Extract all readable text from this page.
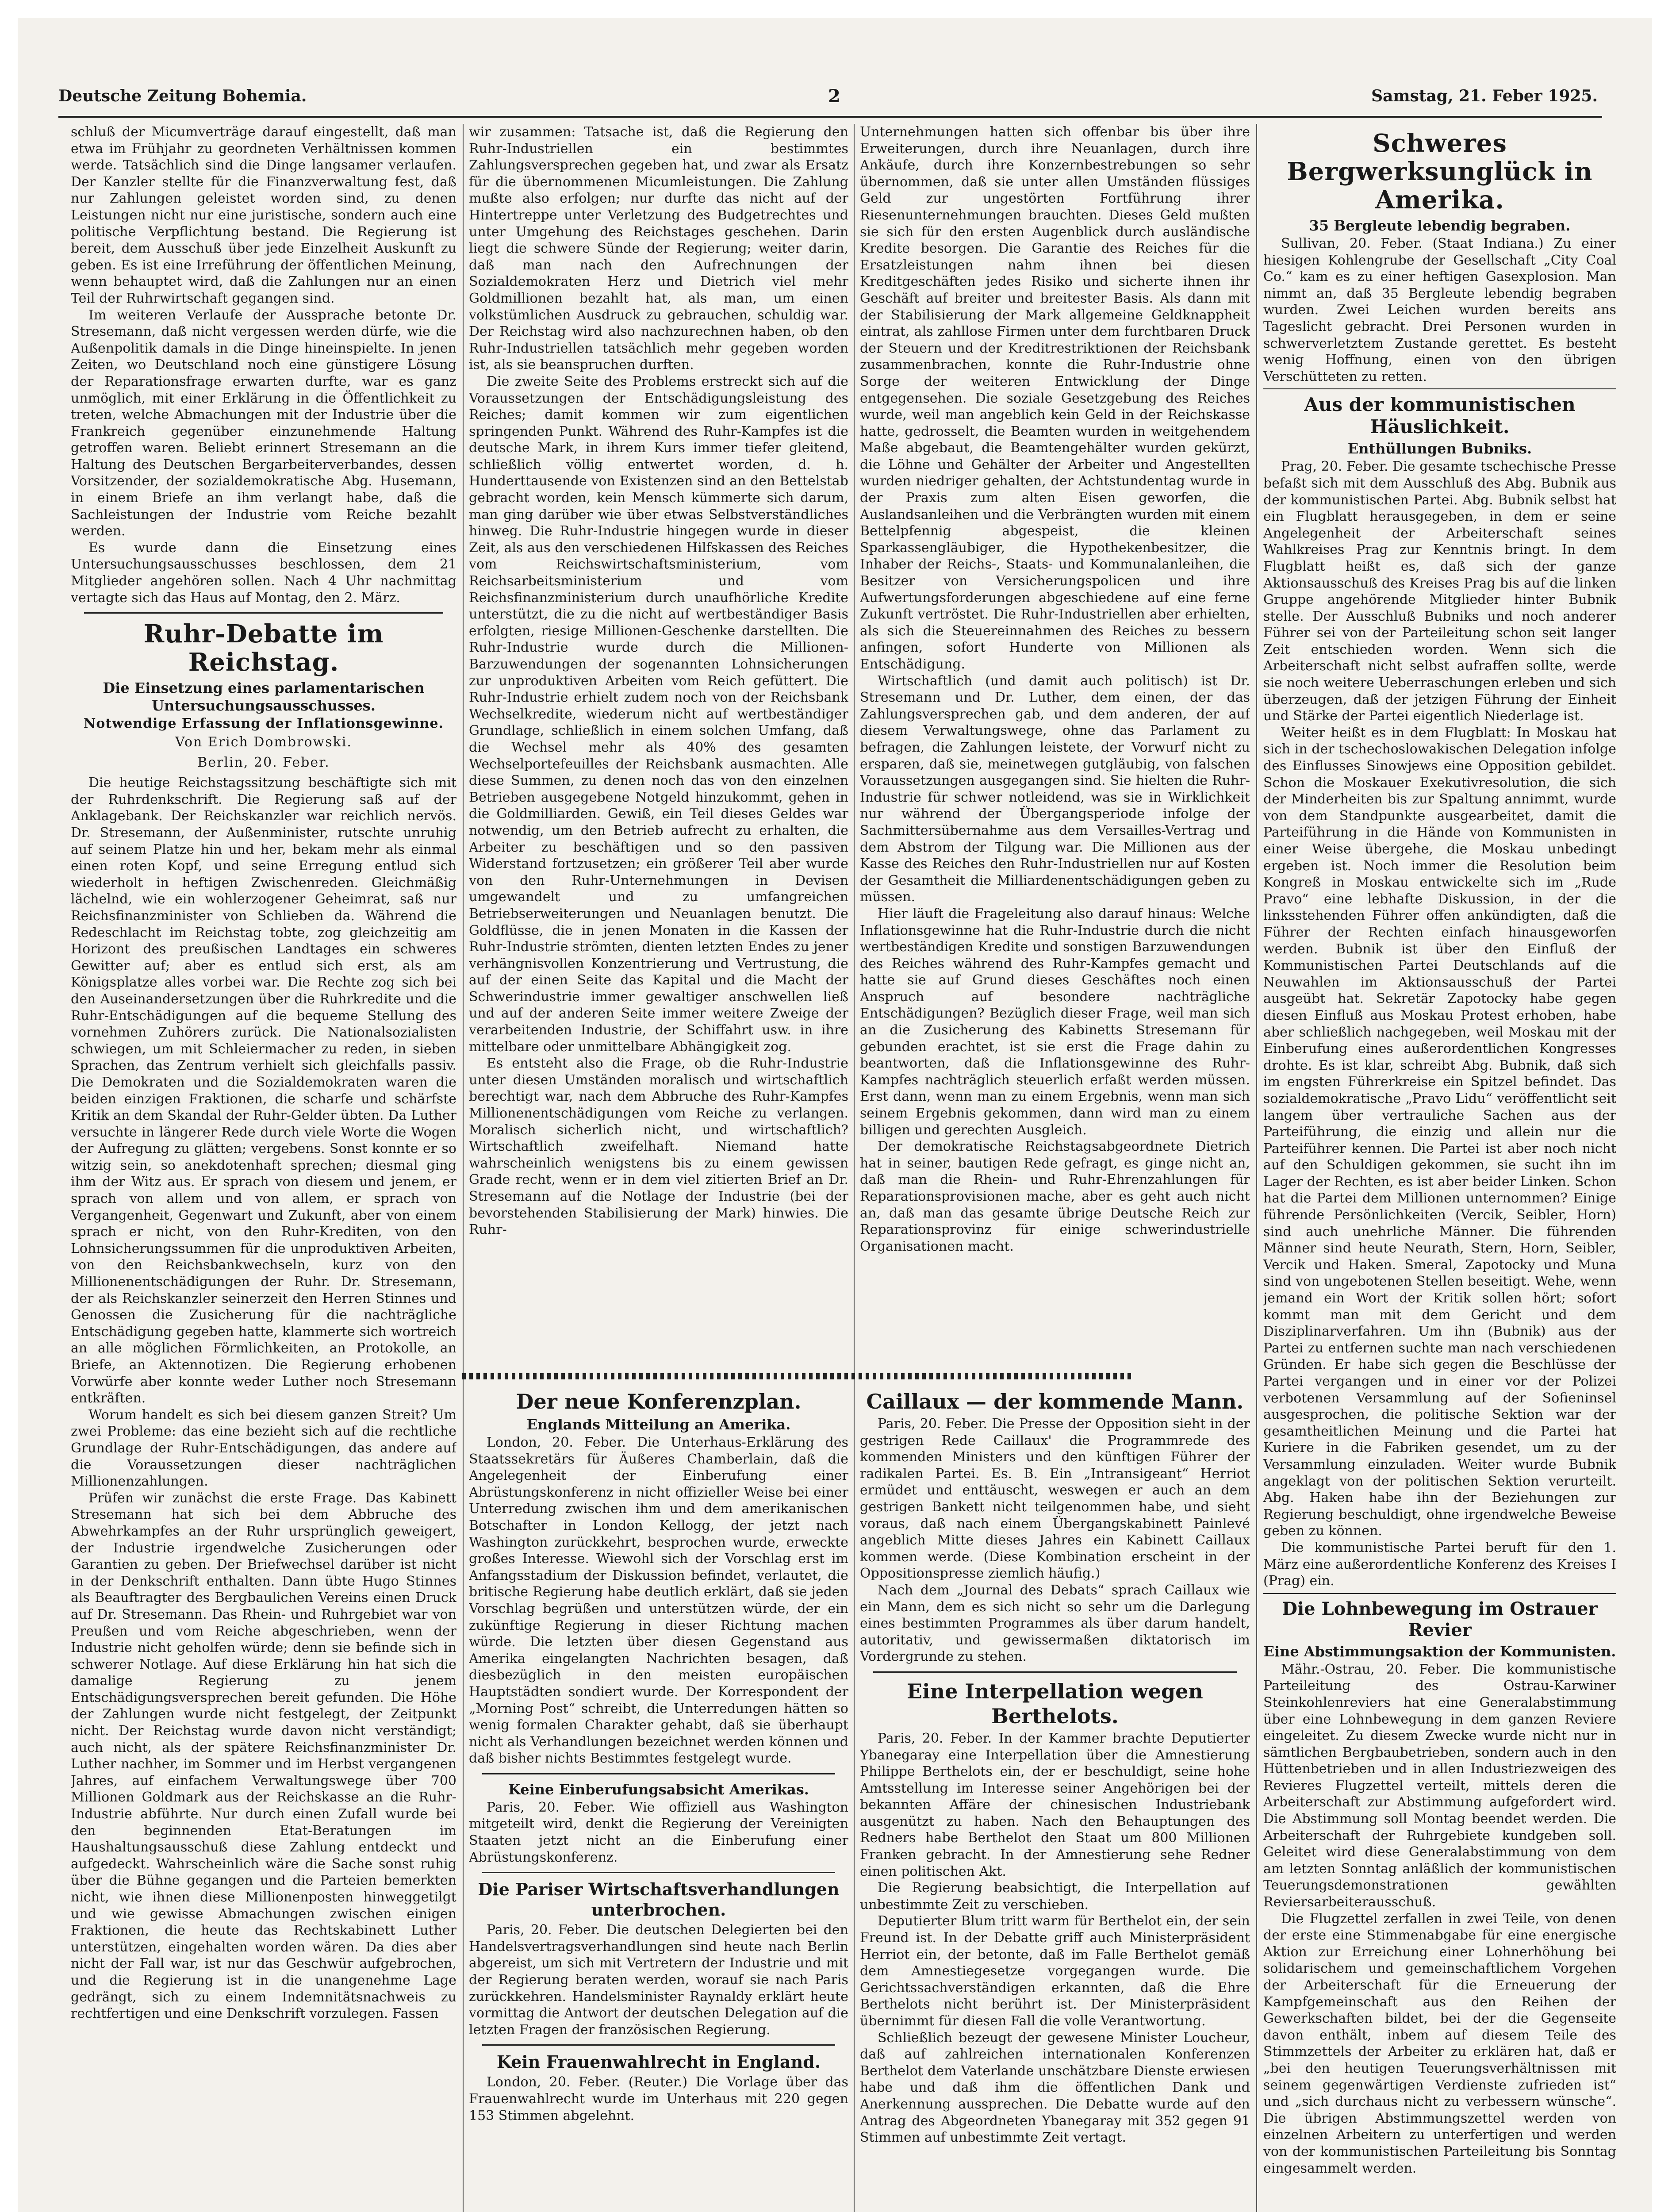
Deutsche Zeitung Bohemia.	2	Samstag, 21. Feber 1925.

schluß der Micumverträge darauf eingestellt, daß man etwa im Frühjahr zu geordneten Verhältnissen kommen werde. Tatsächlich sind die Dinge langsamer verlaufen. Der Kanzler stellte für die Finanzverwaltung fest, daß nur Zahlungen geleistet worden sind, zu denen Leistungen nicht nur eine juristische, sondern auch eine politische Verpflichtung bestand. Die Regierung ist bereit, dem Ausschuß über jede Einzelheit Auskunft zu geben. Es ist eine Irreführung der öffentlichen Meinung, wenn behauptet wird, daß die Zahlungen nur an einen Teil der Ruhrwirtschaft gegangen sind.

Im weiteren Verlaufe der Aussprache betonte Dr. Stresemann, daß nicht vergessen werden dürfe, wie die Außenpolitik damals in die Dinge hineinspielte. In jenen Zeiten, wo Deutschland noch eine günstigere Lösung der Reparationsfrage erwarten durfte, war es ganz unmöglich, mit einer Erklärung in die Öffentlichkeit zu treten, welche Abmachungen mit der Industrie über die Frankreich gegenüber einzunehmende Haltung getroffen waren. Beliebt erinnert Stresemann an die Haltung des Deutschen Bergarbeiterverbandes, dessen Vorsitzender, der sozialdemokratische Abg. Husemann, in einem Briefe an ihm verlangt habe, daß die Sachleistungen der Industrie vom Reiche bezahlt werden.

Es wurde dann die Einsetzung eines Untersuchungsausschusses beschlossen, dem 21 Mitglieder angehören sollen. Nach 4 Uhr nachmittag vertagte sich das Haus auf Montag, den 2. März.

Ruhr-Debatte im Reichstag.
Die Einsetzung eines parlamentarischen Untersuchungsausschusses.
Notwendige Erfassung der Inflationsgewinne.
Von Erich Dombrowski.
Berlin, 20. Feber.

Die heutige Reichstagssitzung beschäftigte sich mit der Ruhrdenkschrift. Die Regierung saß auf der Anklagebank. Der Reichskanzler war reichlich nervös. Dr. Stresemann, der Außenminister, rutschte unruhig auf seinem Platze hin und her, bekam mehr als einmal einen roten Kopf, und seine Erregung entlud sich wiederholt in heftigen Zwischenreden. Gleichmäßig lächelnd, wie ein wohlerzogener Geheimrat, saß nur Reichsfinanzminister von Schlieben da. Während die Redeschlacht im Reichstag tobte, zog gleichzeitig am Horizont des preußischen Landtages ein schweres Gewitter auf; aber es entlud sich erst, als am Königsplatze alles vorbei war. Die Rechte zog sich bei den Auseinandersetzungen über die Ruhrkredite und die Ruhr-Entschädigungen auf die bequeme Stellung des vornehmen Zuhörers zurück. Die Nationalsozialisten schwiegen, um mit Schleiermacher zu reden, in sieben Sprachen, das Zentrum verhielt sich gleichfalls passiv. Die Demokraten und die Sozialdemokraten waren die beiden einzigen Fraktionen, die scharfe und schärfste Kritik an dem Skandal der Ruhr-Gelder übten. Da Luther versuchte in längerer Rede durch viele Worte die Wogen der Aufregung zu glätten; vergebens. Sonst konnte er so witzig sein, so anekdotenhaft sprechen; diesmal ging ihm der Witz aus. Er sprach von diesem und jenem, er sprach von allem und von allem, er sprach von Vergangenheit, Gegenwart und Zukunft, aber von einem sprach er nicht, von den Ruhr-Krediten, von den Lohnsicherungssummen für die unproduktiven Arbeiten, von den Reichsbankwechseln, kurz von den Millionenentschädigungen der Ruhr. Dr. Stresemann, der als Reichskanzler seinerzeit den Herren Stinnes und Genossen die Zusicherung für die nachträgliche Entschädigung gegeben hatte, klammerte sich wortreich an alle möglichen Förmlichkeiten, an Protokolle, an Briefe, an Aktennotizen. Die Regierung erhobenen Vorwürfe aber konnte weder Luther noch Stresemann entkräften.

Worum handelt es sich bei diesem ganzen Streit? Um zwei Probleme: das eine bezieht sich auf die rechtliche Grundlage der Ruhr-Entschädigungen, das andere auf die Voraussetzungen dieser nachträglichen Millionenzahlungen.

Prüfen wir zunächst die erste Frage. Das Kabinett Stresemann hat sich bei dem Abbruche des Abwehrkampfes an der Ruhr ursprünglich geweigert, der Industrie irgendwelche Zusicherungen oder Garantien zu geben. Der Briefwechsel darüber ist nicht in der Denkschrift enthalten. Dann übte Hugo Stinnes als Beauftragter des Bergbaulichen Vereins einen Druck auf Dr. Stresemann. Das Rhein- und Ruhrgebiet war von Preußen und vom Reiche abgeschrieben, wenn der Industrie nicht geholfen würde; denn sie befinde sich in schwerer Notlage. Auf diese Erklärung hin hat sich die damalige Regierung zu jenem Entschädigungsversprechen bereit gefunden. Die Höhe der Zahlungen wurde nicht festgelegt, der Zeitpunkt nicht. Der Reichstag wurde davon nicht verständigt; auch nicht, als der spätere Reichsfinanzminister Dr. Luther nachher, im Sommer und im Herbst vergangenen Jahres, auf einfachem Verwaltungswege über 700 Millionen Goldmark aus der Reichskasse an die Ruhr-Industrie abführte. Nur durch einen Zufall wurde bei den beginnenden Etat-Beratungen im Haushaltungsausschuß diese Zahlung entdeckt und aufgedeckt. Wahrscheinlich wäre die Sache sonst ruhig über die Bühne gegangen und die Parteien bemerkten nicht, wie ihnen diese Millionenposten hinweggetilgt und wie gewisse Abmachungen zwischen einigen Fraktionen, die heute das Rechtskabinett Luther unterstützen, eingehalten worden wären. Da dies aber nicht der Fall war, ist nur das Geschwür aufgebrochen, und die Regierung ist in die unangenehme Lage gedrängt, sich zu einem Indemnitätsnachweis zu rechtfertigen und eine Denkschrift vorzulegen. Fassen

wir zusammen: Tatsache ist, daß die Regierung den Ruhr-Industriellen ein bestimmtes Zahlungsversprechen gegeben hat, und zwar als Ersatz für die übernommenen Micumleistungen. Die Zahlung mußte also erfolgen; nur durfte das nicht auf der Hintertreppe unter Verletzung des Budgetrechtes und unter Umgehung des Reichstages geschehen. Darin liegt die schwere Sünde der Regierung; weiter darin, daß man nach den Aufrechnungen der Sozialdemokraten Herz und Dietrich viel mehr Goldmillionen bezahlt hat, als man, um einen volkstümlichen Ausdruck zu gebrauchen, schuldig war. Der Reichstag wird also nachzurechnen haben, ob den Ruhr-Industriellen tatsächlich mehr gegeben worden ist, als sie beanspruchen durften.

Die zweite Seite des Problems erstreckt sich auf die Voraussetzungen der Entschädigungsleistung des Reiches; damit kommen wir zum eigentlichen springenden Punkt. Während des Ruhr-Kampfes ist die deutsche Mark, in ihrem Kurs immer tiefer gleitend, schließlich völlig entwertet worden, d. h. Hunderttausende von Existenzen sind an den Bettelstab gebracht worden, kein Mensch kümmerte sich darum, man ging darüber wie über etwas Selbstverständliches hinweg. Die Ruhr-Industrie hingegen wurde in dieser Zeit, als aus den verschiedenen Hilfskassen des Reiches vom Reichswirtschaftsministerium, vom Reichsarbeitsministerium und vom Reichsfinanzministerium durch unaufhörliche Kredite unterstützt, die zu die nicht auf wertbeständiger Basis erfolgten, riesige Millionen-Geschenke darstellten. Die Ruhr-Industrie wurde durch die Millionen-Barzuwendungen der sogenannten Lohnsicherungen zur unproduktiven Arbeiten vom Reich gefüttert. Die Ruhr-Industrie erhielt zudem noch von der Reichsbank Wechselkredite, wiederum nicht auf wertbeständiger Grundlage, schließlich in einem solchen Umfang, daß die Wechsel mehr als 40% des gesamten Wechselportefeuilles der Reichsbank ausmachten. Alle diese Summen, zu denen noch das von den einzelnen Betrieben ausgegebene Notgeld hinzukommt, gehen in die Goldmilliarden. Gewiß, ein Teil dieses Geldes war notwendig, um den Betrieb aufrecht zu erhalten, die Arbeiter zu beschäftigen und so den passiven Widerstand fortzusetzen; ein größerer Teil aber wurde von den Ruhr-Unternehmungen in Devisen umgewandelt und zu umfangreichen Betriebserweiterungen und Neuanlagen benutzt. Die Goldflüsse, die in jenen Monaten in die Kassen der Ruhr-Industrie strömten, dienten letzten Endes zu jener verhängnisvollen Konzentrierung und Vertrustung, die auf der einen Seite das Kapital und die Macht der Schwerindustrie immer gewaltiger anschwellen ließ und auf der anderen Seite immer weitere Zweige der verarbeitenden Industrie, der Schiffahrt usw. in ihre mittelbare oder unmittelbare Abhängigkeit zog.

Es entsteht also die Frage, ob die Ruhr-Industrie unter diesen Umständen moralisch und wirtschaftlich berechtigt war, nach dem Abbruche des Ruhr-Kampfes Millionenentschädigungen vom Reiche zu verlangen. Moralisch sicherlich nicht, und wirtschaftlich? Wirtschaftlich zweifelhaft. Niemand hatte wahrscheinlich wenigstens bis zu einem gewissen Grade recht, wenn er in dem viel zitierten Brief an Dr. Stresemann auf die Notlage der Industrie (bei der bevorstehenden Stabilisierung der Mark) hinwies. Die Ruhr-

Unternehmungen hatten sich offenbar bis über ihre Erweiterungen, durch ihre Neuanlagen, durch ihre Ankäufe, durch ihre Konzernbestrebungen so sehr übernommen, daß sie unter allen Umständen flüssiges Geld zur ungestörten Fortführung ihrer Riesenunternehmungen brauchten. Dieses Geld mußten sie sich für den ersten Augenblick durch ausländische Kredite besorgen. Die Garantie des Reiches für die Ersatzleistungen nahm ihnen bei diesen Kreditgeschäften jedes Risiko und sicherte ihnen ihr Geschäft auf breiter und breitester Basis. Als dann mit der Stabilisierung der Mark allgemeine Geldknappheit eintrat, als zahllose Firmen unter dem furchtbaren Druck der Steuern und der Kreditrestriktionen der Reichsbank zusammenbrachen, konnte die Ruhr-Industrie ohne Sorge der weiteren Entwicklung der Dinge entgegensehen. Die soziale Gesetzgebung des Reiches wurde, weil man angeblich kein Geld in der Reichskasse hatte, gedrosselt, die Beamten wurden in weitgehendem Maße abgebaut, die Beamtengehälter wurden gekürzt, die Löhne und Gehälter der Arbeiter und Angestellten wurden niedriger gehalten, der Achtstundentag wurde in der Praxis zum alten Eisen geworfen, die Auslandsanleihen und die Verbrängten wurden mit einem Bettelpfennig abgespeist, die kleinen Sparkassengläubiger, die Hypothekenbesitzer, die Inhaber der Reichs-, Staats- und Kommunalanleihen, die Besitzer von Versicherungspolicen und ihre Aufwertungsforderungen abgeschiedene auf eine ferne Zukunft vertröstet. Die Ruhr-Industriellen aber erhielten, als sich die Steuereinnahmen des Reiches zu bessern anfingen, sofort Hunderte von Millionen als Entschädigung.

Wirtschaftlich (und damit auch politisch) ist Dr. Stresemann und Dr. Luther, dem einen, der das Zahlungsversprechen gab, und dem anderen, der auf diesem Verwaltungswege, ohne das Parlament zu befragen, die Zahlungen leistete, der Vorwurf nicht zu ersparen, daß sie, meinetwegen gutgläubig, von falschen Voraussetzungen ausgegangen sind. Sie hielten die Ruhr-Industrie für schwer notleidend, was sie in Wirklichkeit nur während der Übergangsperiode infolge der Sachmittersübernahme aus dem Versailles-Vertrag und dem Abstrom der Tilgung war. Die Millionen aus der Kasse des Reiches den Ruhr-Industriellen nur auf Kosten der Gesamtheit die Milliardenentschädigungen geben zu müssen.

Hier läuft die Frageleitung also darauf hinaus: Welche Inflationsgewinne hat die Ruhr-Industrie durch die nicht wertbeständigen Kredite und sonstigen Barzuwendungen des Reiches während des Ruhr-Kampfes gemacht und hatte sie auf Grund dieses Geschäftes noch einen Anspruch auf besondere nachträgliche Entschädigungen? Bezüglich dieser Frage, weil man sich an die Zusicherung des Kabinetts Stresemann für gebunden erachtet, ist sie erst die Frage dahin zu beantworten, daß die Inflationsgewinne des Ruhr-Kampfes nachträglich steuerlich erfaßt werden müssen. Erst dann, wenn man zu einem Ergebnis, wenn man sich seinem Ergebnis gekommen, dann wird man zu einem billigen und gerechten Ausgleich.

Der demokratische Reichstagsabgeordnete Dietrich hat in seiner, bautigen Rede gefragt, es ginge nicht an, daß man die Rhein- und Ruhr-Ehrenzahlungen für Reparationsprovisionen mache, aber es geht auch nicht an, daß man das gesamte übrige Deutsche Reich zur Reparationsprovinz für einige schwerindustrielle Organisationen macht.

Der neue Konferenzplan.
Englands Mitteilung an Amerika.

London, 20. Feber. Die Unterhaus-Erklärung des Staatssekretärs für Äußeres Chamberlain, daß die Angelegenheit der Einberufung einer Abrüstungskonferenz in nicht offizieller Weise bei einer Unterredung zwischen ihm und dem amerikanischen Botschafter in London Kellogg, der jetzt nach Washington zurückkehrt, besprochen wurde, erweckte großes Interesse. Wiewohl sich der Vorschlag erst im Anfangsstadium der Diskussion befindet, verlautet, die britische Regierung habe deutlich erklärt, daß sie jeden Vorschlag begrüßen und unterstützen würde, der ein zukünftige Regierung in dieser Richtung machen würde. Die letzten über diesen Gegenstand aus Amerika eingelangten Nachrichten besagen, daß diesbezüglich in den meisten europäischen Hauptstädten sondiert wurde. Der Korrespondent der „Morning Post“ schreibt, die Unterredungen hätten so wenig formalen Charakter gehabt, daß sie überhaupt nicht als Verhandlungen bezeichnet werden können und daß bisher nichts Bestimmtes festgelegt wurde.

Keine Einberufungsabsicht Amerikas.

Paris, 20. Feber. Wie offiziell aus Washington mitgeteilt wird, denkt die Regierung der Vereinigten Staaten jetzt nicht an die Einberufung einer Abrüstungskonferenz.

Die Pariser Wirtschaftsverhandlungen unterbrochen.

Paris, 20. Feber. Die deutschen Delegierten bei den Handelsvertragsverhandlungen sind heute nach Berlin abgereist, um sich mit Vertretern der Industrie und mit der Regierung beraten werden, worauf sie nach Paris zurückkehren. Handelsminister Raynaldy erklärt heute vormittag die Antwort der deutschen Delegation auf die letzten Fragen der französischen Regierung.

Kein Frauenwahlrecht in England.

London, 20. Feber. (Reuter.) Die Vorlage über das Frauenwahlrecht wurde im Unterhaus mit 220 gegen 153 Stimmen abgelehnt.

Caillaux — der kommende Mann.

Paris, 20. Feber. Die Presse der Opposition sieht in der gestrigen Rede Caillaux' die Programmrede des kommenden Ministers und den künftigen Führer der radikalen Partei. Es. B. Ein „Intransigeant“ Herriot ermüdet und enttäuscht, weswegen er auch an dem gestrigen Bankett nicht teilgenommen habe, und sieht voraus, daß nach einem Übergangskabinett Painlevé angeblich Mitte dieses Jahres ein Kabinett Caillaux kommen werde. (Diese Kombination erscheint in der Oppositionspresse ziemlich häufig.)

Nach dem „Journal des Debats“ sprach Caillaux wie ein Mann, dem es sich nicht so sehr um die Darlegung eines bestimmten Programmes als über darum handelt, autoritativ, und gewissermaßen diktatorisch im Vordergrunde zu stehen.

Eine Interpellation wegen Berthelots.

Paris, 20. Feber. In der Kammer brachte Deputierter Ybanegaray eine Interpellation über die Amnestierung Philippe Berthelots ein, der er beschuldigt, seine hohe Amtsstellung im Interesse seiner Angehörigen bei der bekannten Affäre der chinesischen Industriebank ausgenützt zu haben. Nach den Behauptungen des Redners habe Berthelot den Staat um 800 Millionen Franken gebracht. In der Amnestierung sehe Redner einen politischen Akt.

Die Regierung beabsichtigt, die Interpellation auf unbestimmte Zeit zu verschieben.

Deputierter Blum tritt warm für Berthelot ein, der sein Freund ist. In der Debatte griff auch Ministerpräsident Herriot ein, der betonte, daß im Falle Berthelot gemäß dem Amnestiegesetze vorgegangen wurde. Die Gerichtssachverständigen erkannten, daß die Ehre Berthelots nicht berührt ist. Der Ministerpräsident übernimmt für diesen Fall die volle Verantwortung.

Schließlich bezeugt der gewesene Minister Loucheur, daß auf zahlreichen internationalen Konferenzen Berthelot dem Vaterlande unschätzbare Dienste erwiesen habe und daß ihm die öffentlichen Dank und Anerkennung aussprechen. Die Debatte wurde auf den Antrag des Abgeordneten Ybanegaray mit 352 gegen 91 Stimmen auf unbestimmte Zeit vertagt.

Schweres Bergwerksunglück in Amerika.
35 Bergleute lebendig begraben.

Sullivan, 20. Feber. (Staat Indiana.) Zu einer hiesigen Kohlengrube der Gesellschaft „City Coal Co.“ kam es zu einer heftigen Gasexplosion. Man nimmt an, daß 35 Bergleute lebendig begraben wurden. Zwei Leichen wurden bereits ans Tageslicht gebracht. Drei Personen wurden in schwerverletztem Zustande gerettet. Es besteht wenig Hoffnung, einen von den übrigen Verschütteten zu retten.

Aus der kommunistischen Häuslichkeit.
Enthüllungen Bubniks.

Prag, 20. Feber. Die gesamte tschechische Presse befaßt sich mit dem Ausschluß des Abg. Bubnik aus der kommunistischen Partei. Abg. Bubnik selbst hat ein Flugblatt herausgegeben, in dem er seine Angelegenheit der Arbeiterschaft seines Wahlkreises Prag zur Kenntnis bringt. In dem Flugblatt heißt es, daß sich der ganze Aktionsausschuß des Kreises Prag bis auf die linken Gruppe angehörende Mitglieder hinter Bubnik stelle. Der Ausschluß Bubniks und noch anderer Führer sei von der Parteileitung schon seit langer Zeit entschieden worden. Wenn sich die Arbeiterschaft nicht selbst aufraffen sollte, werde sie noch weitere Ueberraschungen erleben und sich überzeugen, daß der jetzigen Führung der Einheit und Stärke der Partei eigentlich Niederlage ist.

Weiter heißt es in dem Flugblatt: In Moskau hat sich in der tschechoslowakischen Delegation infolge des Einflusses Sinowjews eine Opposition gebildet. Schon die Moskauer Exekutivresolution, die sich der Minderheiten bis zur Spaltung annimmt, wurde von dem Standpunkte ausgearbeitet, damit die Parteiführung in die Hände von Kommunisten in einer Weise übergehe, die Moskau unbedingt ergeben ist. Noch immer die Resolution beim Kongreß in Moskau entwickelte sich im „Rude Pravo“ eine lebhafte Diskussion, in der die linksstehenden Führer offen ankündigten, daß die Führer der Rechten einfach hinausgeworfen werden. Bubnik ist über den Einfluß der Kommunistischen Partei Deutschlands auf die Neuwahlen im Aktionsausschuß der Partei ausgeübt hat. Sekretär Zapotocky habe gegen diesen Einfluß aus Moskau Protest erhoben, habe aber schließlich nachgegeben, weil Moskau mit der Einberufung eines außerordentlichen Kongresses drohte. Es ist klar, schreibt Abg. Bubnik, daß sich im engsten Führerkreise ein Spitzel befindet. Das sozialdemokratische „Pravo Lidu“ veröffentlicht seit langem über vertrauliche Sachen aus der Parteiführung, die einzig und allein nur die Parteiführer kennen. Die Partei ist aber noch nicht auf den Schuldigen gekommen, sie sucht ihn im Lager der Rechten, es ist aber beider Linken. Schon hat die Partei dem Millionen unternommen? Einige führende Persönlichkeiten (Vercik, Seibler, Horn) sind auch unehrliche Männer. Die führenden Männer sind heute Neurath, Stern, Horn, Seibler, Vercik und Haken. Smeral, Zapotocky und Muna sind von ungebotenen Stellen beseitigt. Wehe, wenn jemand ein Wort der Kritik sollen hört; sofort kommt man mit dem Gericht und dem Disziplinarverfahren. Um ihn (Bubnik) aus der Partei zu entfernen suchte man nach verschiedenen Gründen. Er habe sich gegen die Beschlüsse der Partei vergangen und in einer vor der Polizei verbotenen Versammlung auf der Sofieninsel ausgesprochen, die politische Sektion war der gesamtheitlichen Meinung und die Partei hat Kuriere in die Fabriken gesendet, um zu der Versammlung einzuladen. Weiter wurde Bubnik angeklagt von der politischen Sektion verurteilt. Abg. Haken habe ihn der Beziehungen zur Regierung beschuldigt, ohne irgendwelche Beweise geben zu können.

Die kommunistische Partei beruft für den 1. März eine außerordentliche Konferenz des Kreises I (Prag) ein.

Die Lohnbewegung im Ostrauer Revier
Eine Abstimmungsaktion der Kommunisten.

Mähr.-Ostrau, 20. Feber. Die kommunistische Parteileitung des Ostrau-Karwiner Steinkohlenreviers hat eine Generalabstimmung über eine Lohnbewegung in dem ganzen Reviere eingeleitet. Zu diesem Zwecke wurde nicht nur in sämtlichen Bergbaubetrieben, sondern auch in den Hüttenbetrieben und in allen Industriezweigen des Revieres Flugzettel verteilt, mittels deren die Arbeiterschaft zur Abstimmung aufgefordert wird. Die Abstimmung soll Montag beendet werden. Die Arbeiterschaft der Ruhrgebiete kundgeben soll. Geleitet wird diese Generalabstimmung von dem am letzten Sonntag anläßlich der kommunistischen Teuerungsdemonstrationen gewählten Reviersarbeiterausschuß.

Die Flugzettel zerfallen in zwei Teile, von denen der erste eine Stimmenabgabe für eine energische Aktion zur Erreichung einer Lohnerhöhung bei solidarischem und gemeinschaftlichem Vorgehen der Arbeiterschaft für die Erneuerung der Kampfgemeinschaft aus den Reihen der Gewerkschaften bildet, bei der die Gegenseite davon enthält, inbem auf diesem Teile des Stimmzettels der Arbeiter zu erklären hat, daß er „bei den heutigen Teuerungsverhältnissen mit seinem gegenwärtigen Verdienste zufrieden ist“ und „sich durchaus nicht zu verbessern wünsche“. Die übrigen Abstimmungszettel werden von einzelnen Arbeitern zu unterfertigen und werden von der kommunistischen Parteileitung bis Sonntag eingesammelt werden.
